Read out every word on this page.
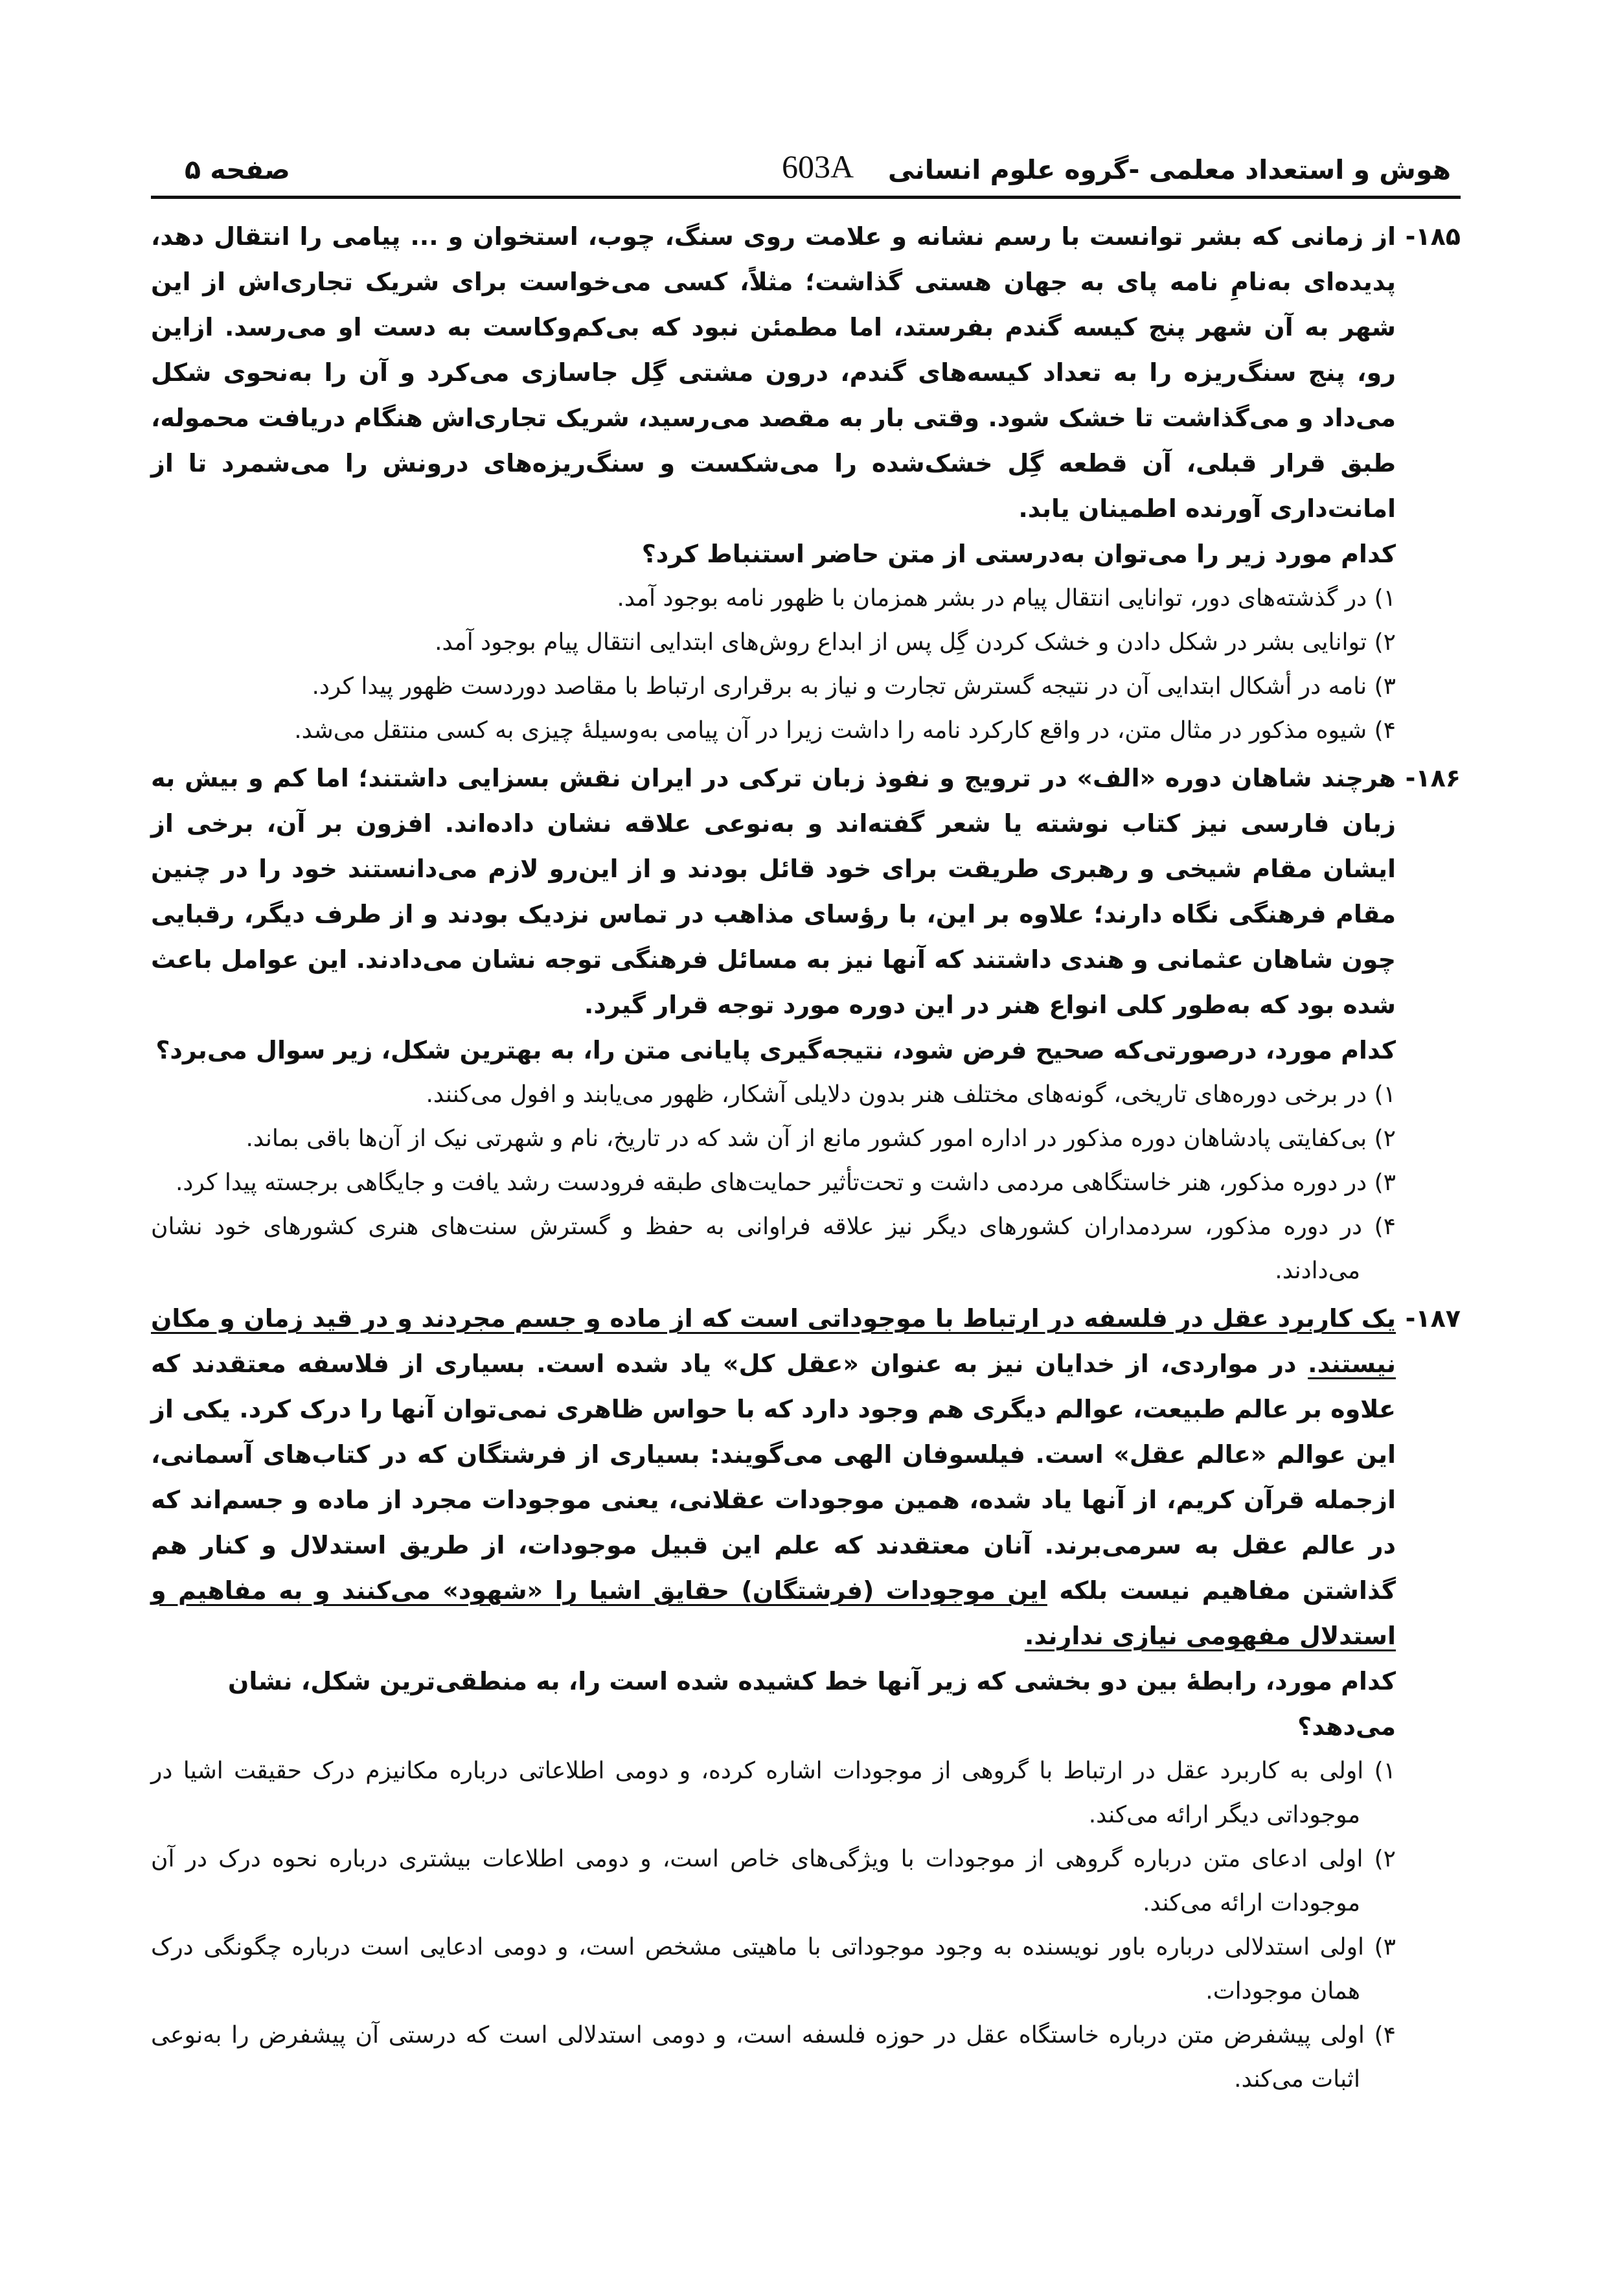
هوش و استعداد معلمی -گروه علوم انسانی
603A
صفحه ۵
۱۸۵-
از زمانی که بشر توانست با رسم نشانه و علامت روی سنگ، چوب، استخوان و ... پیامی را انتقال دهد، پدیده‌ای به‌نامِ نامه پای به جهان هستی گذاشت؛ مثلاً، کسی می‌خواست برای شریک تجاری‌اش از این شهر به آن شهر پنج کیسه گندم بفرستد، اما مطمئن نبود که بی‌کم‌وکاست به دست او می‌رسد. ازاین رو، پنج سنگ‌ریزه را به تعداد کیسه‌های گندم، درون مشتی گِل جاسازی می‌کرد و آن را به‌نحوی شکل می‌داد و می‌گذاشت تا خشک شود. وقتی بار به مقصد می‌رسید، شریک تجاری‌اش هنگام دریافت محموله، طبق قرار قبلی، آن قطعه گِل خشک‌شده را می‌شکست و سنگ‌ریزه‌های درونش را می‌شمرد تا از امانت‌داری آورنده اطمینان یابد.
کدام مورد زیر را می‌توان به‌درستی از متن حاضر استنباط کرد؟
۱) در گذشته‌های دور، توانایی انتقال پیام در بشر همزمان با ظهور نامه بوجود آمد.
۲) توانایی بشر در شکل دادن و خشک کردن گِل پس از ابداع روش‌های ابتدایی انتقال پیام بوجود آمد.
۳) نامه در أشکال ابتدایی آن در نتیجه گسترش تجارت و نیاز به برقراری ارتباط با مقاصد دوردست ظهور پیدا کرد.
۴) شیوه مذکور در مثال متن، در واقع کارکرد نامه را داشت زیرا در آن پیامی به‌وسیلۀ چیزی به کسی منتقل می‌شد.
۱۸۶-
هرچند شاهان دوره «الف» در ترویج و نفوذ زبان ترکی در ایران نقش بسزایی داشتند؛ اما کم و بیش به زبان فارسی نیز کتاب نوشته یا شعر گفته‌اند و به‌نوعی علاقه نشان داده‌اند. افزون بر آن، برخی از ایشان مقام شیخی و رهبری طریقت برای خود قائل بودند و از این‌رو لازم می‌دانستند خود را در چنین مقام فرهنگی نگاه دارند؛ علاوه بر این، با رؤسای مذاهب در تماس نزدیک بودند و از طرف دیگر، رقبایی چون شاهان عثمانی و هندی داشتند که آنها نیز به مسائل فرهنگی توجه نشان می‌دادند. این عوامل باعث شده بود که به‌طور کلی انواع هنر در این دوره مورد توجه قرار گیرد.
کدام مورد، درصورتی‌که صحیح فرض شود، نتیجه‌گیری پایانی متن را، به بهترین شکل، زیر سوال می‌برد؟
۱) در برخی دوره‌های تاریخی، گونه‌های مختلف هنر بدون دلایلی آشکار، ظهور می‌یابند و افول می‌کنند.
۲) بی‌کفایتی پادشاهان دوره مذکور در اداره امور کشور مانع از آن شد که در تاریخ، نام و شهرتی نیک از آن‌ها باقی بماند.
۳) در دوره مذکور، هنر خاستگاهی مردمی داشت و تحت‌تأثیر حمایت‌های طبقه فرودست رشد یافت و جایگاهی برجسته پیدا کرد.
۴) در دوره مذکور، سردمداران کشورهای دیگر نیز علاقه فراوانی به حفظ و گسترش سنت‌های هنری کشورهای خود نشان می‌دادند.
۱۸۷-
یک کاربرد عقل در فلسفه در ارتباط با موجوداتی است که از ماده و جسم مجردند و در قید زمان و مکان نیستند. در مواردی، از خدایان نیز به عنوان «عقل کل» یاد شده است. بسیاری از فلاسفه معتقدند که علاوه بر عالم طبیعت، عوالم دیگری هم وجود دارد که با حواس ظاهری نمی‌توان آنها را درک کرد. یکی از این عوالم «عالم عقل» است. فیلسوفان الهی می‌گویند: بسیاری از فرشتگان که در کتاب‌های آسمانی، ازجمله قرآن کریم، از آنها یاد شده، همین موجودات عقلانی، یعنی موجودات مجرد از ماده و جسم‌اند که در عالم عقل به سرمی‌برند. آنان معتقدند که علم این قبیل موجودات، از طریق استدلال و کنار هم گذاشتن مفاهیم نیست بلکه این موجودات (فرشتگان) حقایق اشیا را «شهود» می‌کنند و به مفاهیم و استدلال مفهومی نیازی ندارند.
کدام مورد، رابطۀ بین دو بخشی که زیر آنها خط کشیده شده است را، به منطقی‌ترین شکل، نشان می‌دهد؟
۱) اولی به کاربرد عقل در ارتباط با گروهی از موجودات اشاره کرده، و دومی اطلاعاتی درباره مکانیزم درک حقیقت اشیا در موجوداتی دیگر ارائه می‌کند.
۲) اولی ادعای متن درباره گروهی از موجودات با ویژگی‌های خاص است، و دومی اطلاعات بیشتری درباره نحوه درک در آن موجودات ارائه می‌کند.
۳) اولی استدلالی درباره باور نویسنده به وجود موجوداتی با ماهیتی مشخص است، و دومی ادعایی است درباره چگونگی درک همان موجودات.
۴) اولی پیشفرض متن درباره خاستگاه عقل در حوزه فلسفه است، و دومی استدلالی است که درستی آن پیشفرض را به‌نوعی اثبات می‌کند.
